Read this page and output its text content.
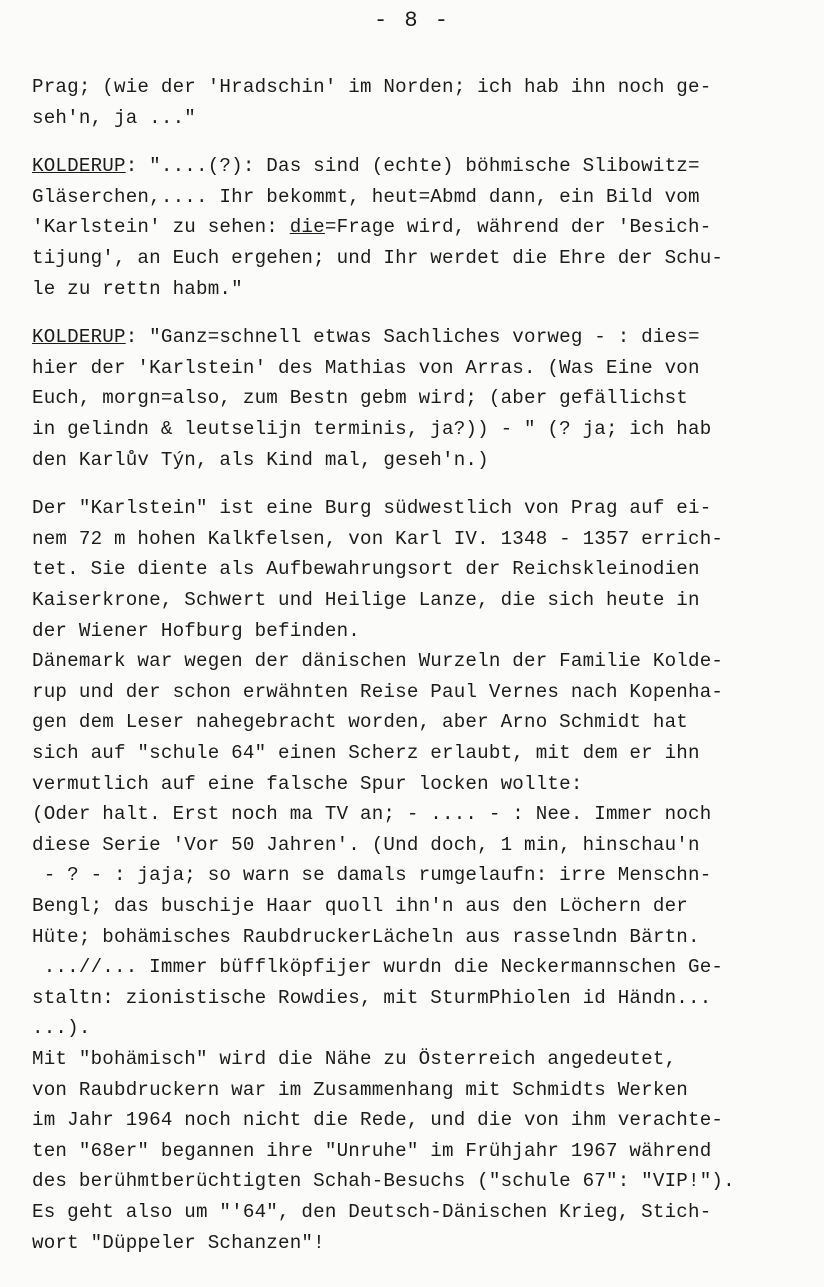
- 8 -
Prag; (wie der 'Hradschin' im Norden; ich hab ihn noch ge-
seh'n, ja ..."
KOLDERUP: "....(?): Das sind (echte) böhmische Slibowitz=
Gläserchen,.... Ihr bekommt, heut=Abmd dann, ein Bild vom
'Karlstein' zu sehen: die=Frage wird, während der 'Besich-
tijung', an Euch ergehen; und Ihr werdet die Ehre der Schu-
le zu rettn habm."
KOLDERUP: "Ganz=schnell etwas Sachliches vorweg - : dies=
hier der 'Karlstein' des Mathias von Arras. (Was Eine von
Euch, morgn=also, zum Bestn gebm wird; (aber gefällichst
in gelindn & leutselijn terminis, ja?)) - " (? ja; ich hab
den Karlův Týn, als Kind mal, geseh'n.)
Der "Karlstein" ist eine Burg südwestlich von Prag auf ei-
nem 72 m hohen Kalkfelsen, von Karl IV. 1348 - 1357 errich-
tet. Sie diente als Aufbewahrungsort der Reichskleinodien
Kaiserkrone, Schwert und Heilige Lanze, die sich heute in
der Wiener Hofburg befinden.
Dänemark war wegen der dänischen Wurzeln der Familie Kolde-
rup und der schon erwähnten Reise Paul Vernes nach Kopenha-
gen dem Leser nahegebracht worden, aber Arno Schmidt hat
sich auf "schule 64" einen Scherz erlaubt, mit dem er ihn
vermutlich auf eine falsche Spur locken wollte:
(Oder halt. Erst noch ma TV an; - .... - : Nee. Immer noch
diese Serie 'Vor 50 Jahren'. (Und doch, 1 min, hinschau'n
- ? - : jaja; so warn se damals rumgelaufn: irre Menschn-
Bengl; das buschije Haar quoll ihn'n aus den Löchern der
Hüte; bohämisches RaubdruckerLächeln aus rasselndn Bärtn.
...//... Immer büfflköpfijer wurdn die Neckermannschen Ge-
staltn: zionistische Rowdies, mit SturmPhiolen id Händn...
...).
Mit "bohämisch" wird die Nähe zu Österreich angedeutet,
von Raubdruckern war im Zusammenhang mit Schmidts Werken
im Jahr 1964 noch nicht die Rede, und die von ihm verachte-
ten "68er" begannen ihre "Unruhe" im Frühjahr 1967 während
des berühmtberüchtigten Schah-Besuchs ("schule 67": "VIP!").
Es geht also um "'64", den Deutsch-Dänischen Krieg, Stich-
wort "Düppeler Schanzen"!
